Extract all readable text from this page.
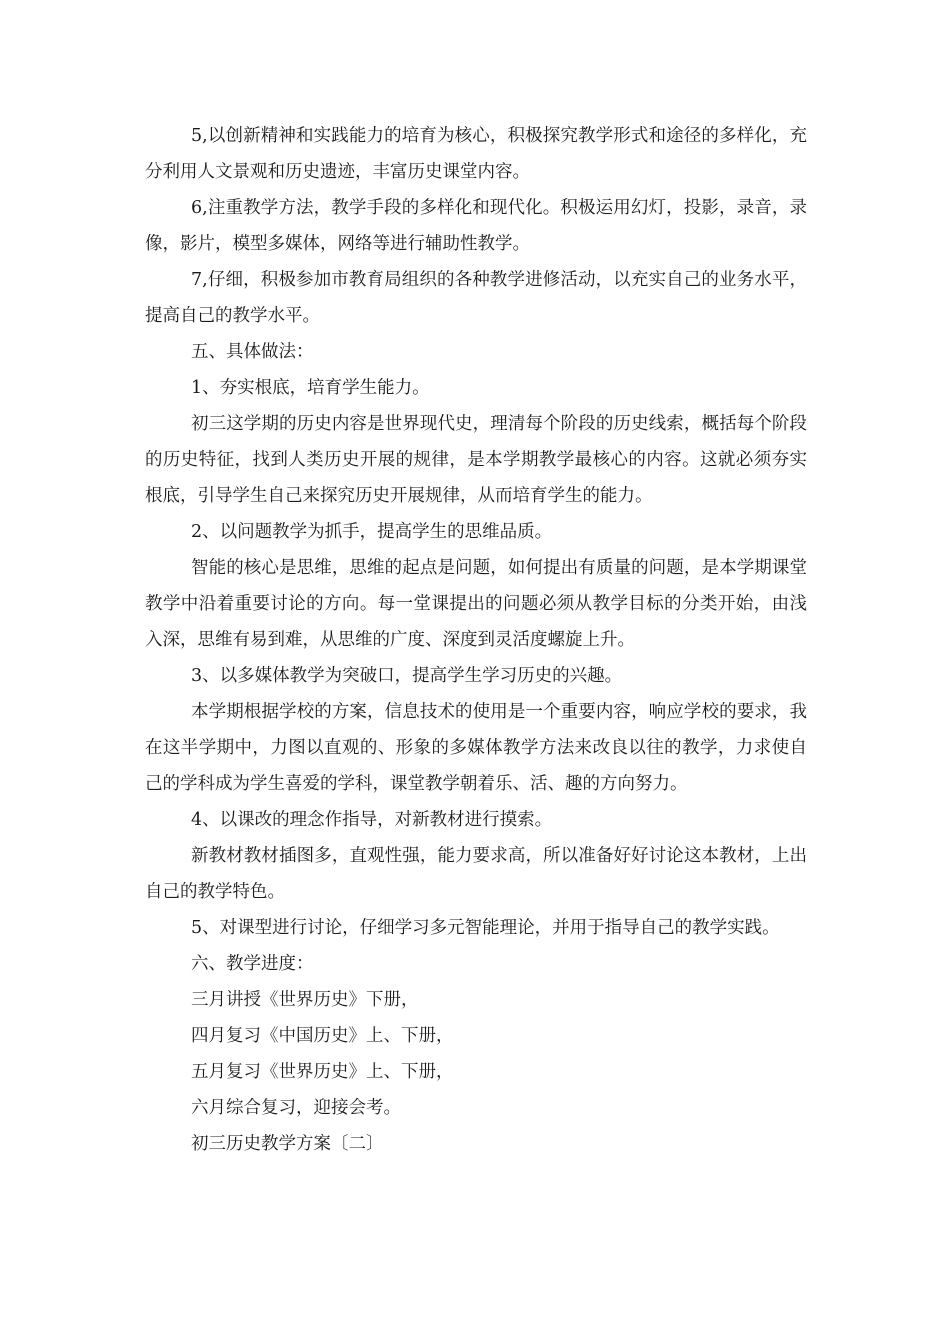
5,以创新精神和实践能力的培育为核心，积极探究教学形式和途径的多样化，充分利用人文景观和历史遗迹，丰富历史课堂内容。

6,注重教学方法，教学手段的多样化和现代化。积极运用幻灯，投影，录音，录像，影片，模型多媒体，网络等进行辅助性教学。

7,仔细，积极参加市教育局组织的各种教学进修活动，以充实自己的业务水平，提高自己的教学水平。

五、具体做法：

1、夯实根底，培育学生能力。

初三这学期的历史内容是世界现代史，理清每个阶段的历史线索，概括每个阶段的历史特征，找到人类历史开展的规律，是本学期教学最核心的内容。这就必须夯实根底，引导学生自己来探究历史开展规律，从而培育学生的能力。

2、以问题教学为抓手，提高学生的思维品质。

智能的核心是思维，思维的起点是问题，如何提出有质量的问题，是本学期课堂教学中沿着重要讨论的方向。每一堂课提出的问题必须从教学目标的分类开始，由浅入深，思维有易到难，从思维的广度、深度到灵活度螺旋上升。

3、以多媒体教学为突破口，提高学生学习历史的兴趣。

本学期根据学校的方案，信息技术的使用是一个重要内容，响应学校的要求，我在这半学期中，力图以直观的、形象的多媒体教学方法来改良以往的教学，力求使自己的学科成为学生喜爱的学科，课堂教学朝着乐、活、趣的方向努力。

4、以课改的理念作指导，对新教材进行摸索。

新教材教材插图多，直观性强，能力要求高，所以准备好好讨论这本教材，上出自己的教学特色。

5、对课型进行讨论，仔细学习多元智能理论，并用于指导自己的教学实践。

六、教学进度：

三月讲授《世界历史》下册，

四月复习《中国历史》上、下册，

五月复习《世界历史》上、下册，

六月综合复习，迎接会考。

初三历史教学方案〔二〕
